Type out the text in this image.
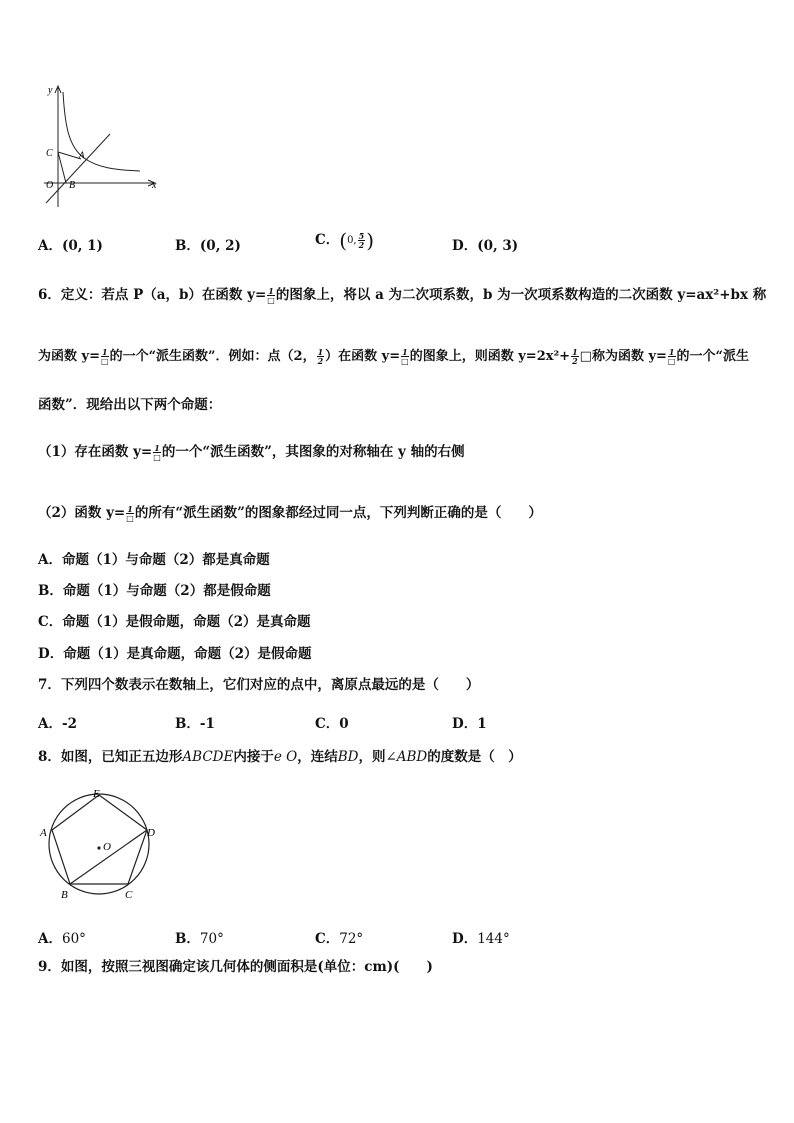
y
x
O B
C	A
A．(0, 1)	B．(0, 2)	C．(0, $\frac{5}{2}$ )	D．(0, 3)
6．定义：若点 P（a，b）在函数 $y= \frac{1}{□}$ 的图象上，将以 a 为二次项系数，b 为一次项系数构造的二次函数 y=ax²+bx 称
为函数 $y= \frac{1}{□}$ 的一个“派生函数”．例如：点（2， $\frac{1}{2}$ ）在函数 $y= \frac{1}{□}$ 的图象上，则函数 $y=2x^2+ \frac{1}{2}$ □称为函数 $y= \frac{1}{□}$ 的一个“派生
函数”．现给出以下两个命题：
（1）存在函数 $y= \frac{1}{□}$ 的一个“派生函数”，其图象的对称轴在 y 轴的右侧
（2）函数 $y= \frac{1}{□}$ 的所有“派生函数”的图象都经过同一点，下列判断正确的是（　　）
A．命题（1）与命题（2）都是真命题
B．命题（1）与命题（2）都是假命题
C．命题（1）是假命题，命题（2）是真命题
D．命题（1）是真命题，命题（2）是假命题
7．下列四个数表示在数轴上，它们对应的点中，离原点最远的是（　　）
A．-2	B．-1	C．0	D．1
8．如图，已知正五边形ABCDE内接于e O，连结BD，则∠ABD的度数是（　）
E
A	D
O
B	C
A．60°	B．70°	C．72°	D．144°
9．如图，按照三视图确定该几何体的侧面积是(单位：cm)(　　)
